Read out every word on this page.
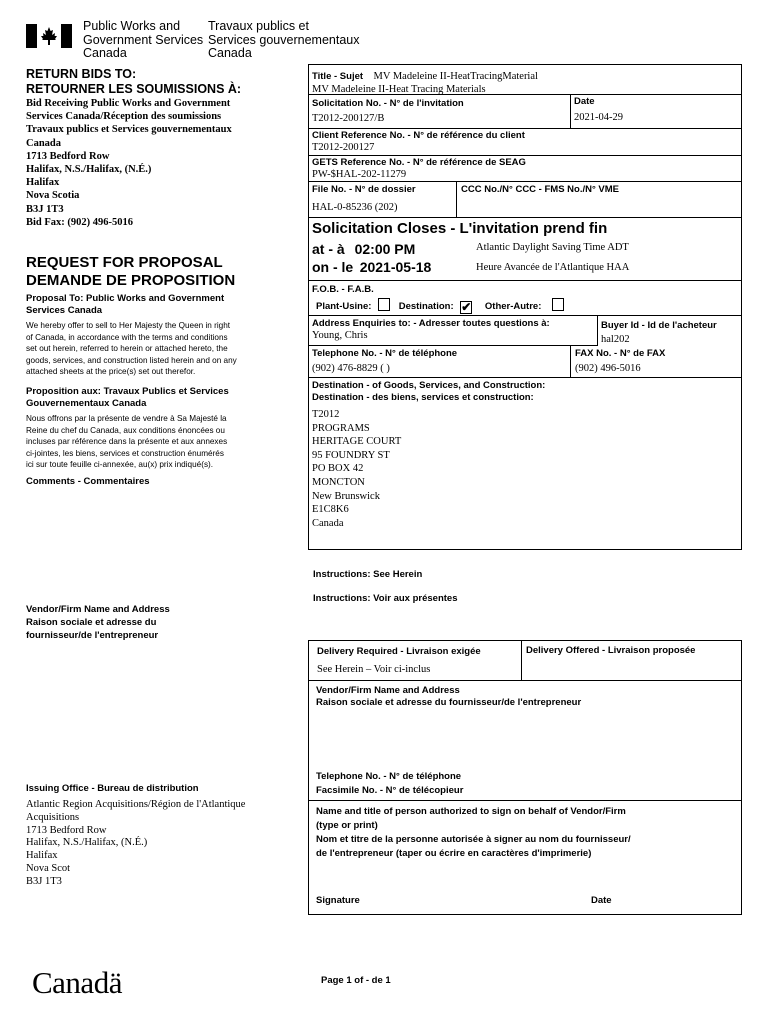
Public Works and
Government Services
Canada
Travaux publics et
Services gouvernementaux
Canada
RETURN BIDS TO:
RETOURNER LES SOUMISSIONS À:
Bid Receiving Public Works and Government
Services Canada/Réception des soumissions
Travaux publics et Services gouvernementaux
Canada
1713 Bedford Row
Halifax, N.S./Halifax, (N.É.)
Halifax
Nova Scotia
B3J 1T3
Bid Fax: (902) 496-5016
REQUEST FOR PROPOSAL
DEMANDE DE PROPOSITION
Proposal To: Public Works and Government
Services Canada
We hereby offer to sell to Her Majesty the Queen in right
of Canada, in accordance with the terms and conditions
set out herein, referred to herein or attached hereto, the
goods, services, and construction listed herein and on any
attached sheets at the price(s) set out therefor.
Proposition aux: Travaux Publics et Services
Gouvernementaux Canada
Nous offrons par la présente de vendre à Sa Majesté la
Reine du chef du Canada, aux conditions énoncées ou
incluses par référence dans la présente et aux annexes
ci-jointes, les biens, services et construction énumérés
ici sur toute feuille ci-annexée, au(x) prix indiqué(s).
Comments - Commentaires
Vendor/Firm Name and Address
Raison sociale et adresse du
fournisseur/de l'entrepreneur
Issuing Office - Bureau de distribution
Atlantic Region Acquisitions/Région de l'Atlantique
Acquisitions
1713 Bedford Row
Halifax, N.S./Halifax, (N.É.)
Halifax
Nova Scot
B3J 1T3
Title - Sujet MV Madeleine II-HeatTracingMaterial
MV Madeleine II-Heat Tracing Materials
Solicitation No. - N° de l'invitation
T2012-200127/B
Date
2021-04-29
Client Reference No. - N° de référence du client
T2012-200127
GETS Reference No. - N° de référence de SEAG
PW-$HAL-202-11279
File No. - N° de dossier
HAL-0-85236 (202)
CCC No./N° CCC - FMS No./N° VME
Solicitation Closes - L'invitation prend fin
at - à 02:00 PM
on - le 2021-05-18
Atlantic Daylight Saving Time ADT
Heure Avancée de l'Atlantique HAA
F.O.B. - F.A.B.
Plant-Usine:	Destination: ✔ Other-Autre:
Address Enquiries to: - Adresser toutes questions à:
Young, Chris
Buyer Id - Id de l'acheteur
hal202
Telephone No. - N° de téléphone
(902) 476-8829 ( )
FAX No. - N° de FAX
(902) 496-5016
Destination - of Goods, Services, and Construction:
Destination - des biens, services et construction:
T2012
PROGRAMS
HERITAGE COURT
95 FOUNDRY ST
PO BOX 42
MONCTON
New Brunswick
E1C8K6
Canada
Instructions: See Herein
Instructions: Voir aux présentes
Delivery Required - Livraison exigée
See Herein – Voir ci-inclus
Delivery Offered - Livraison proposée
Vendor/Firm Name and Address
Raison sociale et adresse du fournisseur/de l'entrepreneur
Telephone No. - N° de téléphone
Facsimile No. - N° de télécopieur
Name and title of person authorized to sign on behalf of Vendor/Firm
(type or print)
Nom et titre de la personne autorisée à signer au nom du fournisseur/
de l'entrepreneur (taper ou écrire en caractères d'imprimerie)
Signature	Date
Canadä	Page 1 of - de 1
